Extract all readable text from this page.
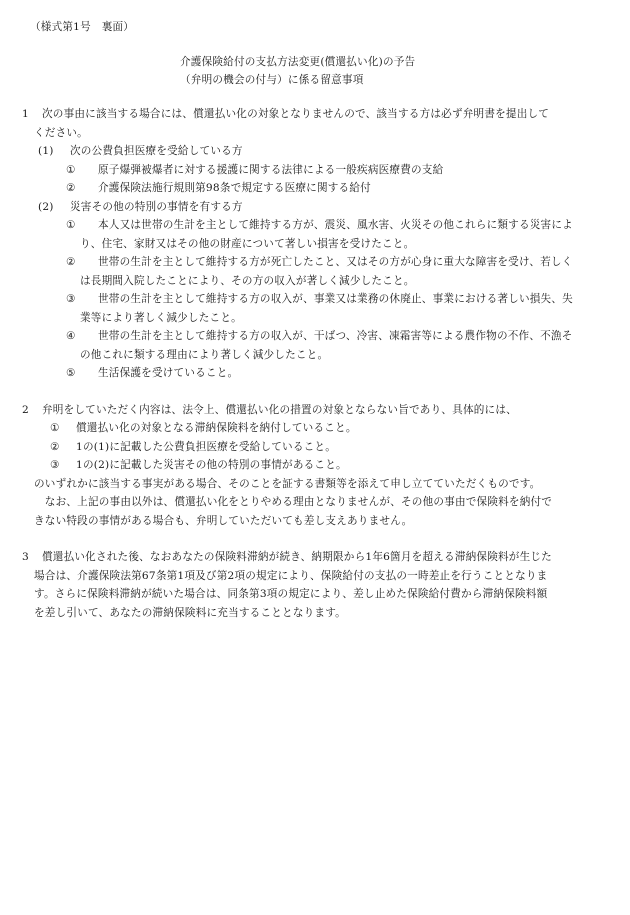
（様式第1号　裏面）
介護保険給付の支払方法変更(償還払い化)の予告
（弁明の機会の付与）に係る留意事項
1	次の事由に該当する場合には、償還払い化の対象となりませんので、該当する方は必ず弁明書を提出して
ください。
(1)	次の公費負担医療を受給している方
①	原子爆弾被爆者に対する援護に関する法律による一般疾病医療費の支給
②	介護保険法施行規則第98条で規定する医療に関する給付
(2)	災害その他の特別の事情を有する方
①	本人又は世帯の生計を主として維持する方が、震災、風水害、火災その他これらに類する災害によ
り、住宅、家財又はその他の財産について著しい損害を受けたこと。
②	世帯の生計を主として維持する方が死亡したこと、又はその方が心身に重大な障害を受け、若しく
は長期間入院したことにより、その方の収入が著しく減少したこと。
③	世帯の生計を主として維持する方の収入が、事業又は業務の休廃止、事業における著しい損失、失
業等により著しく減少したこと。
④	世帯の生計を主として維持する方の収入が、干ばつ、冷害、凍霜害等による農作物の不作、不漁そ
の他これに類する理由により著しく減少したこと。
⑤	生活保護を受けていること。
2	弁明をしていただく内容は、法令上、償還払い化の措置の対象とならない旨であり、具体的には、
①	償還払い化の対象となる滞納保険料を納付していること。
②	1の(1)に記載した公費負担医療を受給していること。
③	1の(2)に記載した災害その他の特別の事情があること。
のいずれかに該当する事実がある場合、そのことを証する書類等を添えて申し立てていただくものです。
　なお、上記の事由以外は、償還払い化をとりやめる理由となりませんが、その他の事由で保険料を納付で
きない特段の事情がある場合も、弁明していただいても差し支えありません。
3	償還払い化された後、なおあなたの保険料滞納が続き、納期限から1年6箇月を超える滞納保険料が生じた
場合は、介護保険法第67条第1項及び第2項の規定により、保険給付の支払の一時差止を行うこととなりま
す。さらに保険料滞納が続いた場合は、同条第3項の規定により、差し止めた保険給付費から滞納保険料額
を差し引いて、あなたの滞納保険料に充当することとなります。
